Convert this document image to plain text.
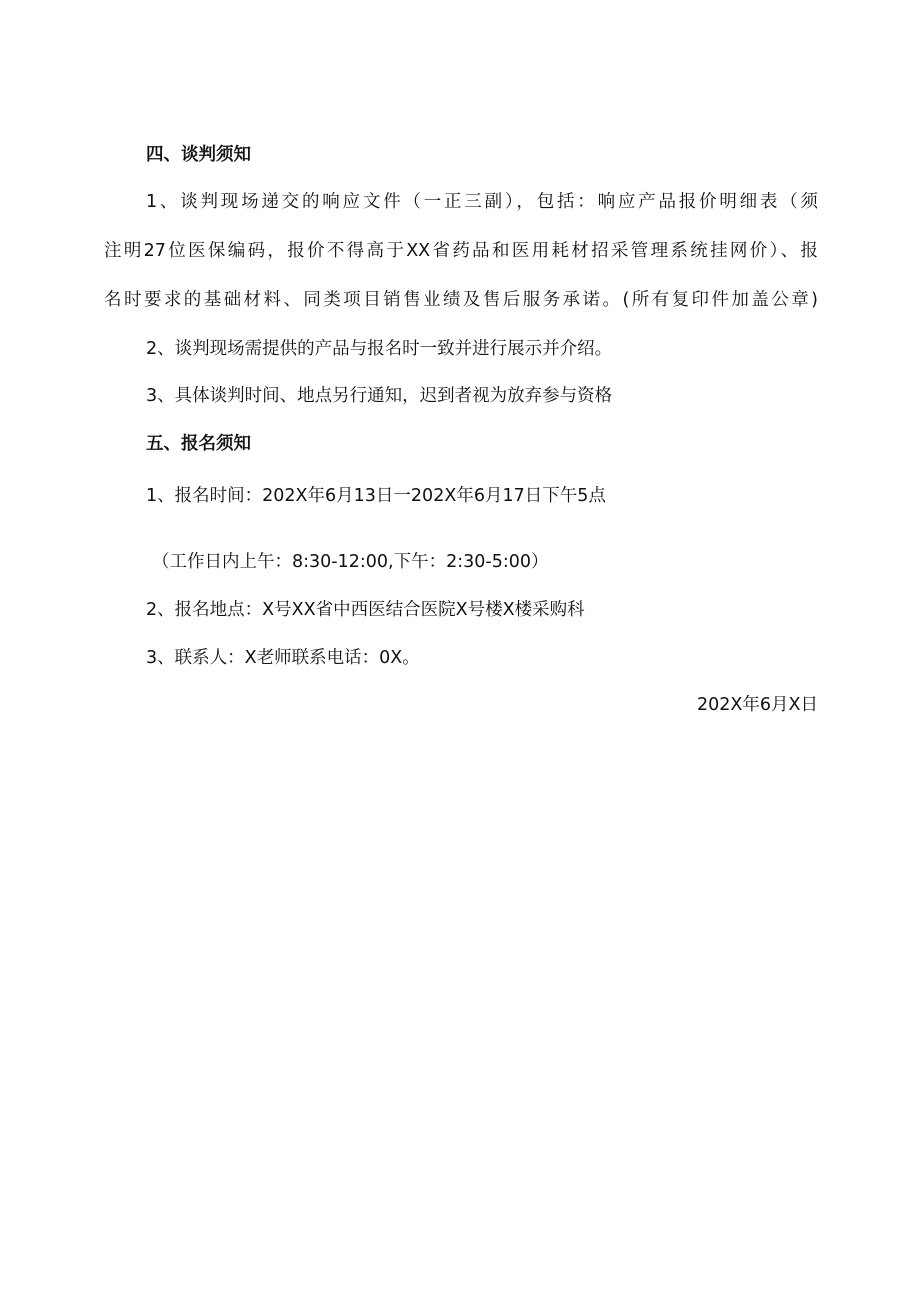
四、谈判须知
1、谈判现场递交的响应文件（一正三副），包括：响应产品报价明细表（须
注明27位医保编码，报价不得高于XX省药品和医用耗材招采管理系统挂网价）、报
名时要求的基础材料、同类项目销售业绩及售后服务承诺。(所有复印件加盖公章)
2、谈判现场需提供的产品与报名时一致并进行展示并介绍。
3、具体谈判时间、地点另行通知，迟到者视为放弃参与资格
五、报名须知
1、报名时间：202X年6月13日一202X年6月17日下午5点
（工作日内上午：8:30-12:00,下午：2:30-5:00）
2、报名地点：X号XX省中西医结合医院X号楼X楼采购科
3、联系人：X老师联系电话：0X。
202X年6月X日
